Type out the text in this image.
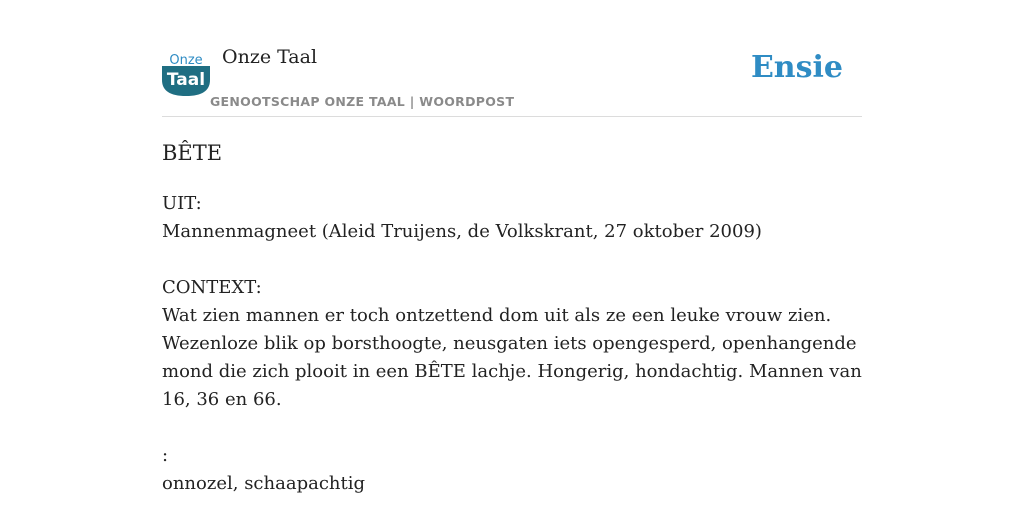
Onze
Taal
Onze Taal
GENOOTSCHAP ONZE TAAL | WOORDPOST
Ensie
BÊTE

UIT:

Mannenmagneet (Aleid Truijens, de Volkskrant, 27 oktober 2009)

CONTEXT:

Wat zien mannen er toch ontzettend dom uit als ze een leuke vrouw zien. Wezenloze blik op borsthoogte, neusgaten iets opengesperd, openhangende mond die zich plooit in een BÊTE lachje. Hongerig, hondachtig. Mannen van 16, 36 en 66.

:

onnozel, schaapachtig
